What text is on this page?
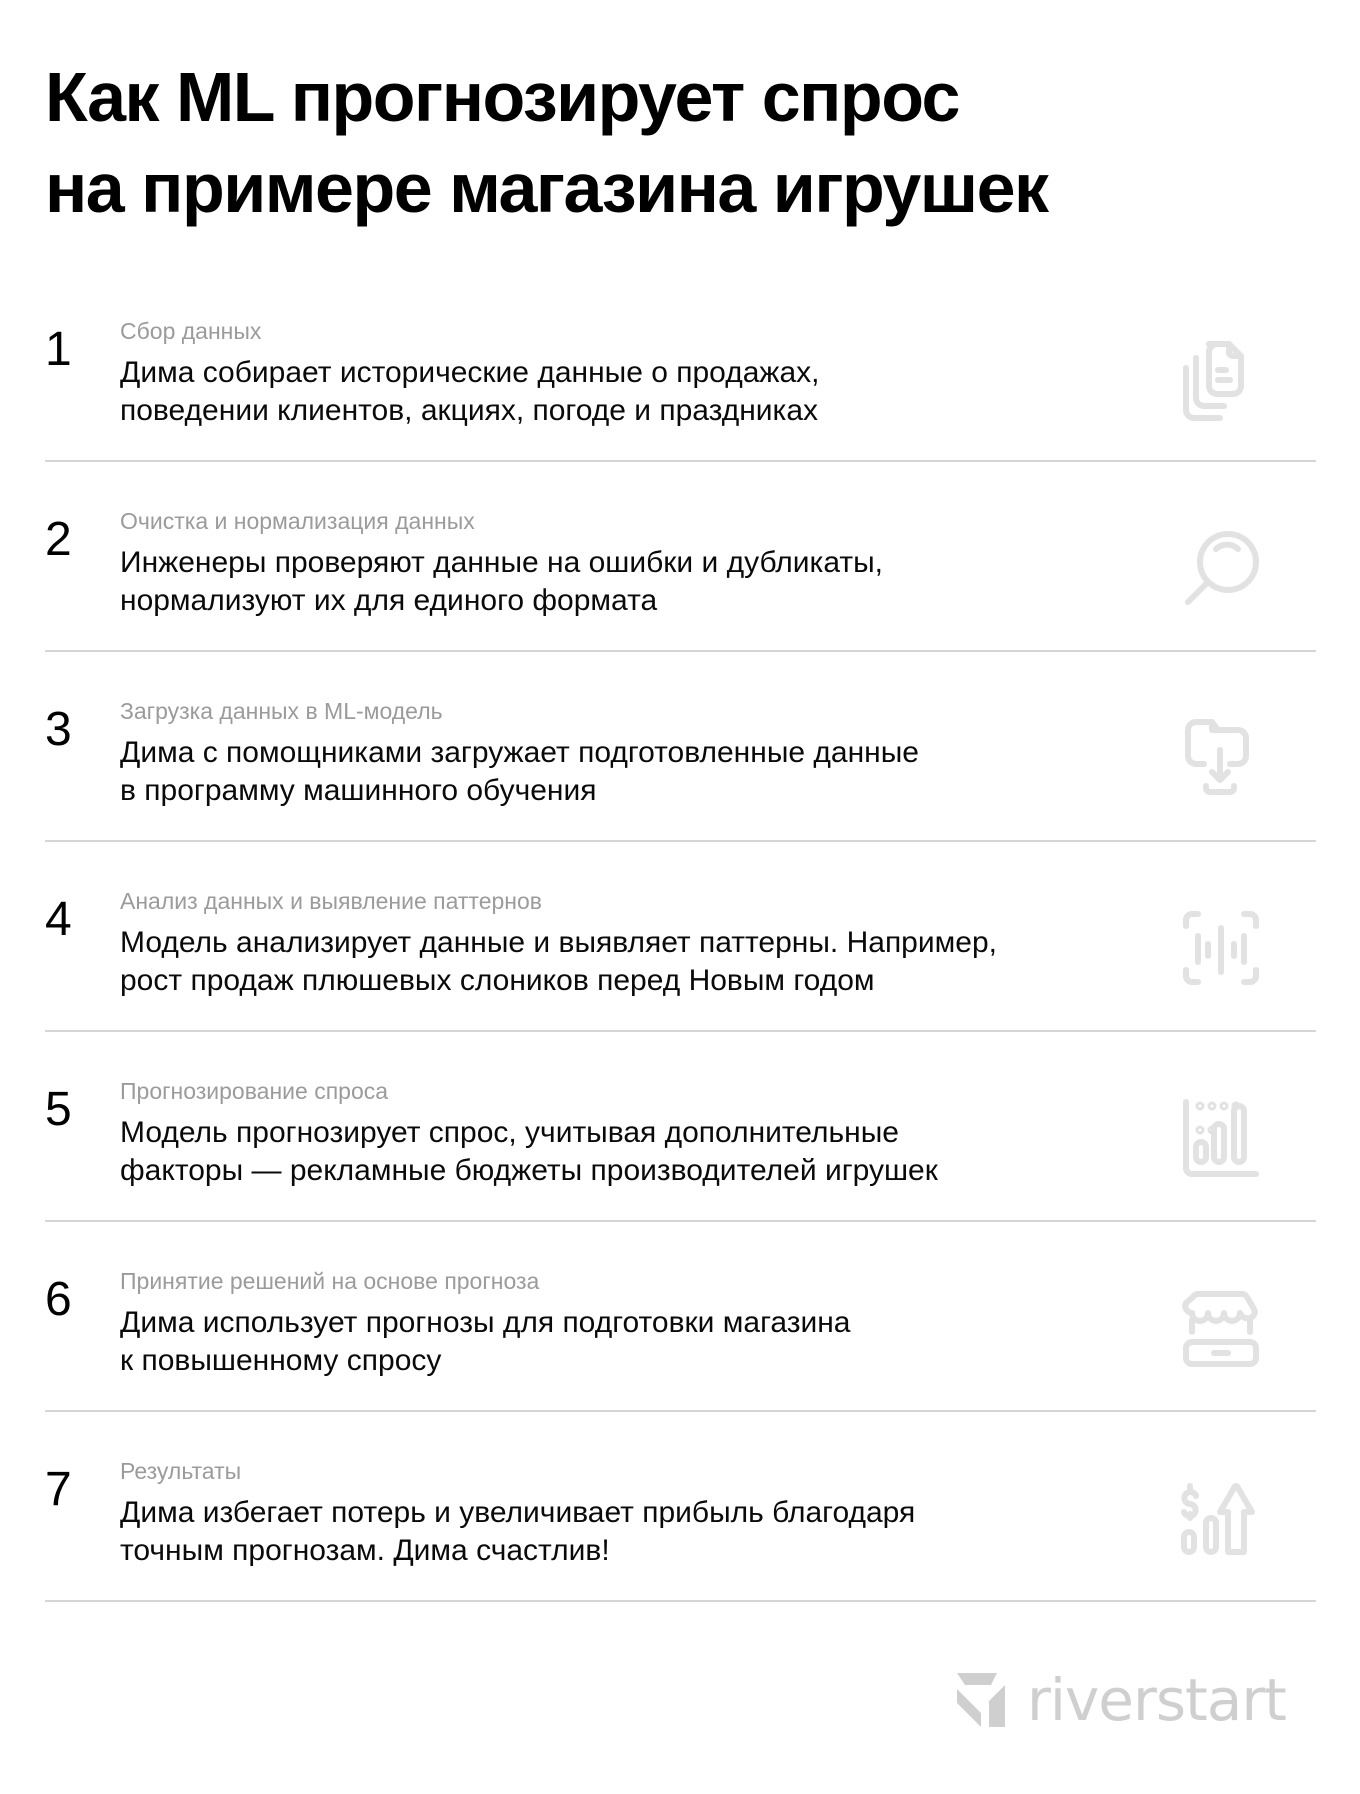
Как ML прогнозирует спрос
на примере магазина игрушек
1 Сбор данных
Дима собирает исторические данные о продажах,
поведении клиентов, акциях, погоде и праздниках
2 Очистка и нормализация данных
Инженеры проверяют данные на ошибки и дубликаты,
нормализуют их для единого формата
3 Загрузка данных в ML-модель
Дима с помощниками загружает подготовленные данные
в программу машинного обучения
4 Анализ данных и выявление паттернов
Модель анализирует данные и выявляет паттерны. Например,
рост продаж плюшевых слоников перед Новым годом
5 Прогнозирование спроса
Модель прогнозирует спрос, учитывая дополнительные
факторы — рекламные бюджеты производителей игрушек
6 Принятие решений на основе прогноза
Дима использует прогнозы для подготовки магазина
к повышенному спросу
7 Результаты
Дима избегает потерь и увеличивает прибыль благодаря
точным прогнозам. Дима счастлив!
riverstart
